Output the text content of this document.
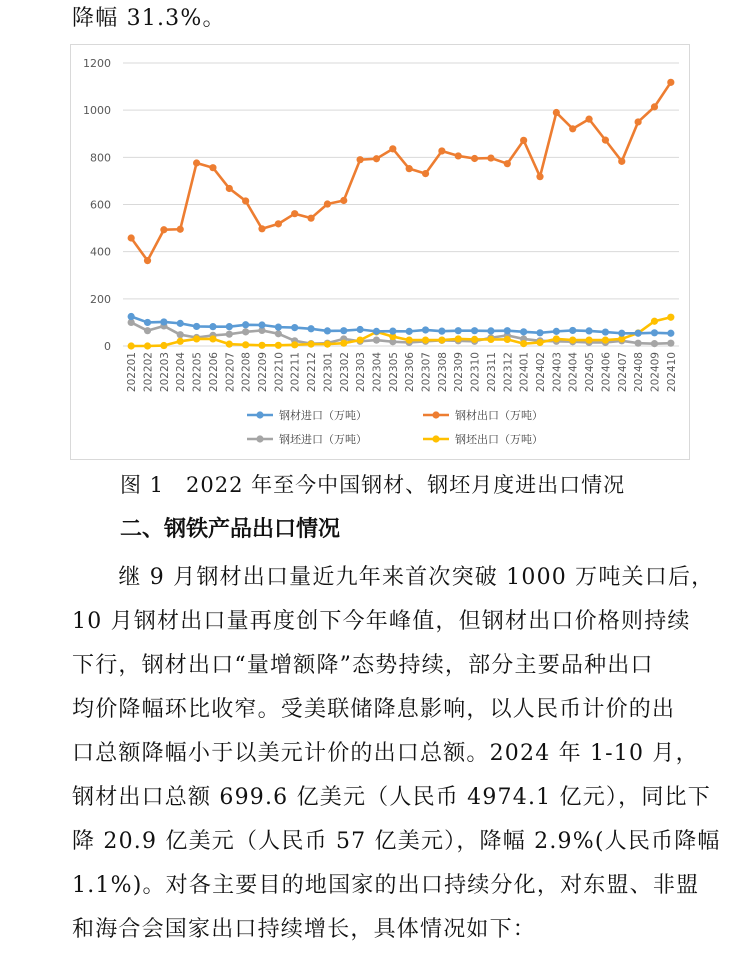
降幅 31.3%。
0
200
400
600
800
1000
1200
202201 202202 202203 202204 202205 202206 202207 202208 202209 202210 202211 202212 202301 202302 202303 202304 202305 202306 202307 202308 202309 202310 202311 202312 202401 202402 202403 202404 202405 202406 202407 202408 202409 202410
钢材进口（万吨）	钢材出口（万吨）
钢坯进口（万吨）	钢坯出口（万吨）
图 1　2022 年至今中国钢材、钢坯月度进出口情况
二、钢铁产品出口情况
　　继 9 月钢材出口量近九年来首次突破 1000 万吨关口后，
10 月钢材出口量再度创下今年峰值，但钢材出口价格则持续
下行，钢材出口“量增额降”态势持续，部分主要品种出口
均价降幅环比收窄。受美联储降息影响，以人民币计价的出
口总额降幅小于以美元计价的出口总额。2024 年 1-10 月，
钢材出口总额 699.6 亿美元（人民币 4974.1 亿元），同比下
降 20.9 亿美元（人民币 57 亿美元），降幅 2.9%(人民币降幅
1.1%)。对各主要目的地国家的出口持续分化，对东盟、非盟
和海合会国家出口持续增长，具体情况如下：
